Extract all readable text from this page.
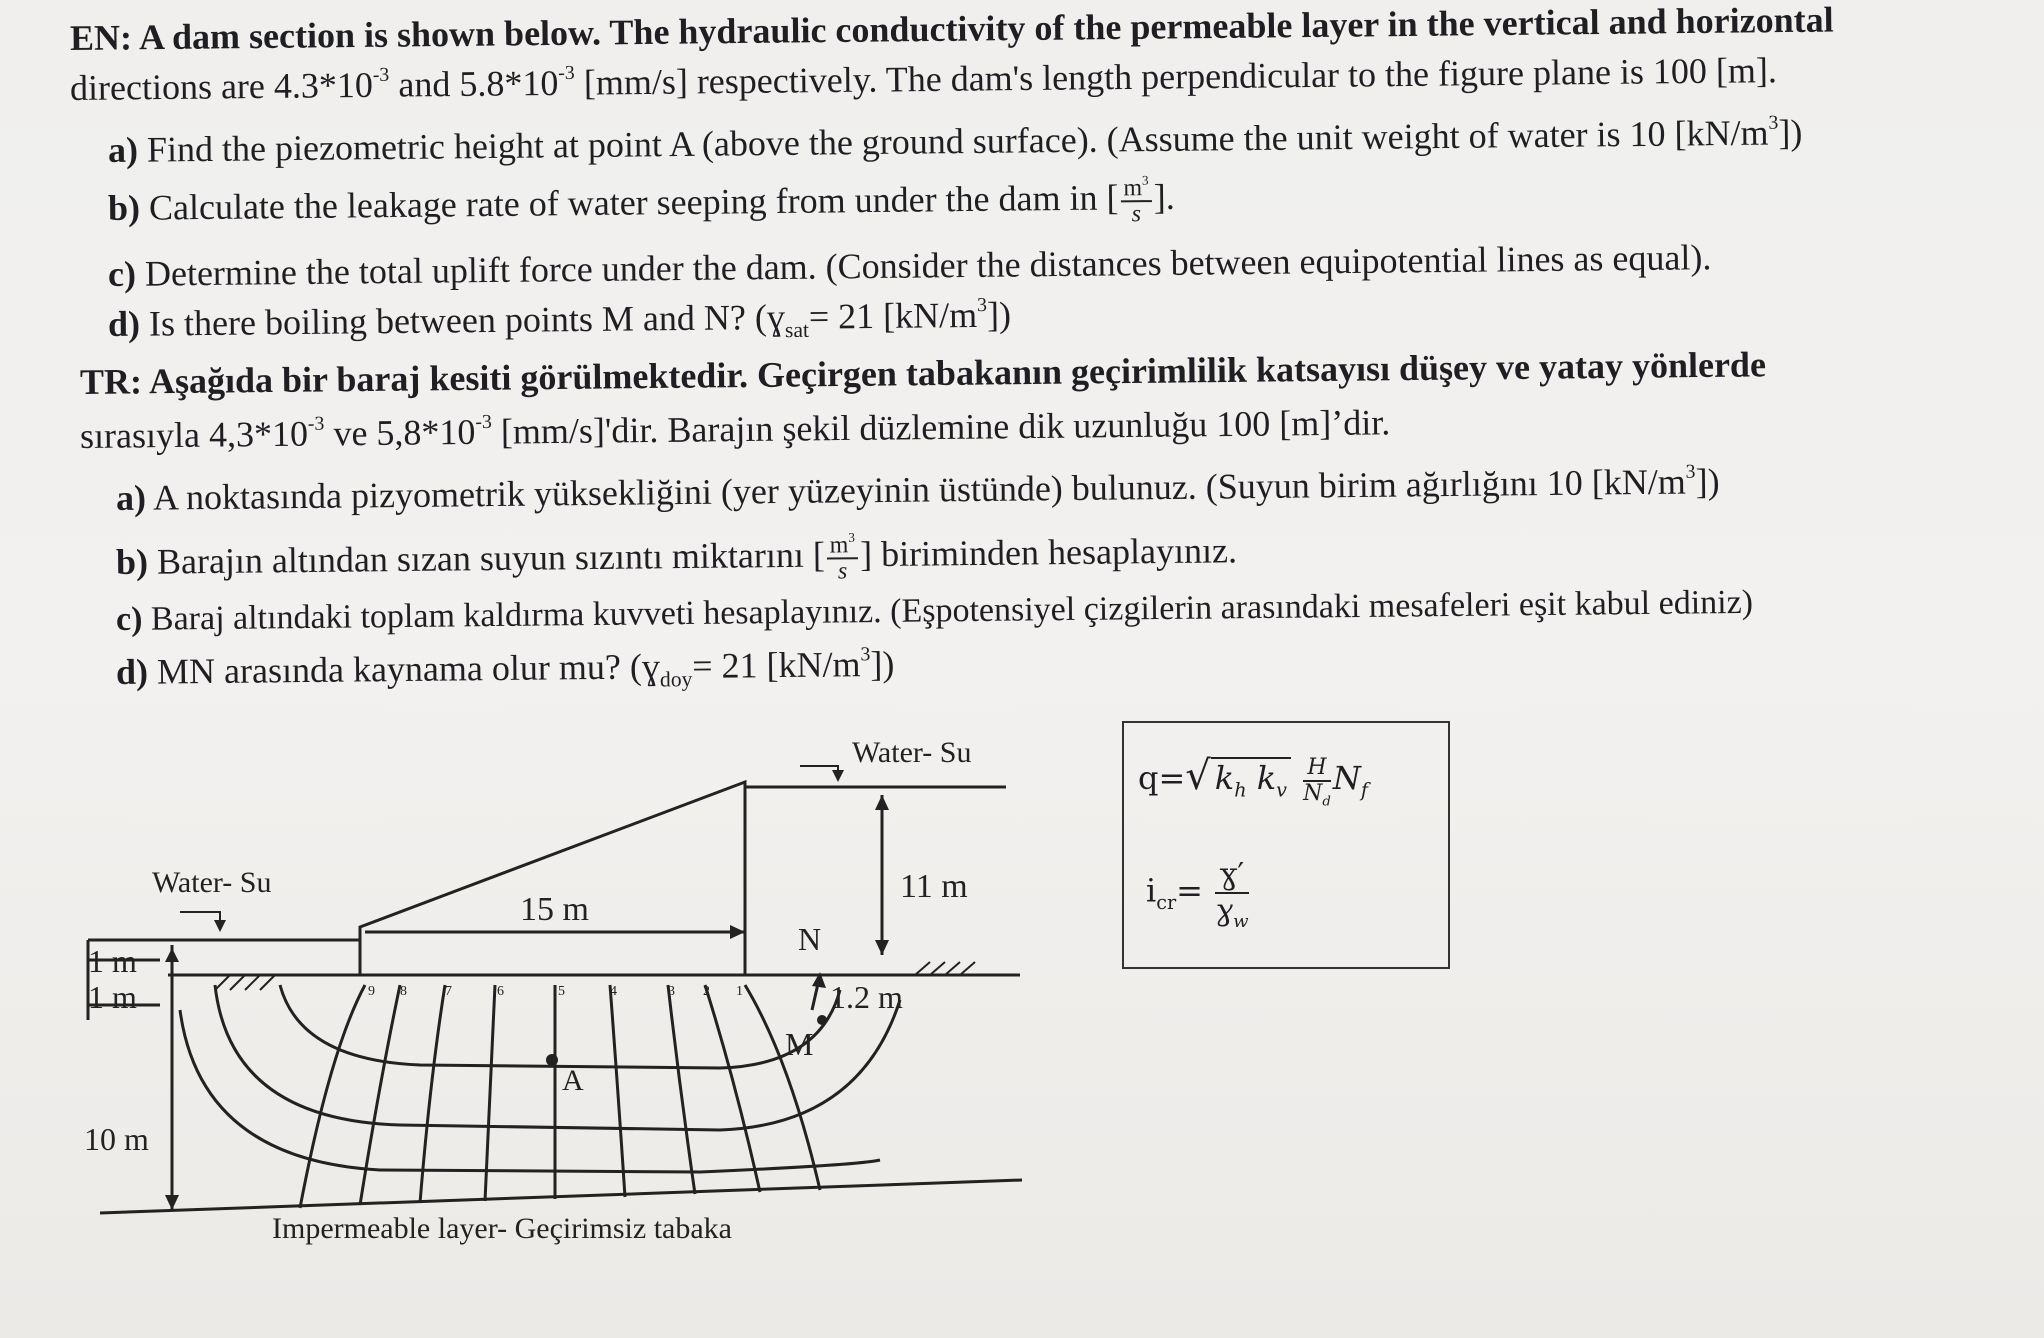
EN: A dam section is shown below. The hydraulic conductivity of the permeable layer in the vertical and horizontal
directions are $4.3*10^{-3}$ and $5.8*10^{-3}$ [mm/s] respectively. The dam's length perpendicular to the figure plane is 100 [m].
a) Find the piezometric height at point A (above the ground surface). (Assume the unit weight of water is 10 $[kN/m^3]$)
b) Calculate the leakage rate of water seeping from under the dam in [ $\frac{m^3}{s}$ ].
c) Determine the total uplift force under the dam. (Consider the distances between equipotential lines as equal).
d) Is there boiling between points M and N? (ɣ$_{sat}$= 21 $[kN/m^3]$)
TR: Aşağıda bir baraj kesiti görülmektedir. Geçirgen tabakanın geçirimlilik katsayısı düşey ve yatay yönlerde
sırasıyla $4,3*10^{-3}$ ve $5,8*10^{-3}$ [mm/s]'dir. Barajın şekil düzlemine dik uzunluğu 100 [m]’dir.
a) A noktasında pizyometrik yüksekliğini (yer yüzeyinin üstünde) bulunuz. (Suyun birim ağırlığını 10 $[kN/m^3]$)
b) Barajın altından sızan suyun sızıntı miktarını [ $\frac{m^3}{s}$ ] biriminden hesaplayınız.
c) Baraj altındaki toplam kaldırma kuvveti hesaplayınız. (Eşpotensiyel çizgilerin arasındaki mesafeleri eşit kabul ediniz)
d) MN arasında kaynama olur mu? (ɣ$_{doy}$= 21 $[kN/m^3]$)
Water- Su
Water- Su
15 m
11 m
1 m
1 m
10 m
1.2 m
N
M
A
Impermeable layer- Geçirimsiz tabaka
9 8	7	6	5	4	3 2 1
q=√ $k_h$ $k_v \frac{H}{N_d} N_f$
$i_{cr}= \frac{\text{ɣ′}}{ɣ_w}$
